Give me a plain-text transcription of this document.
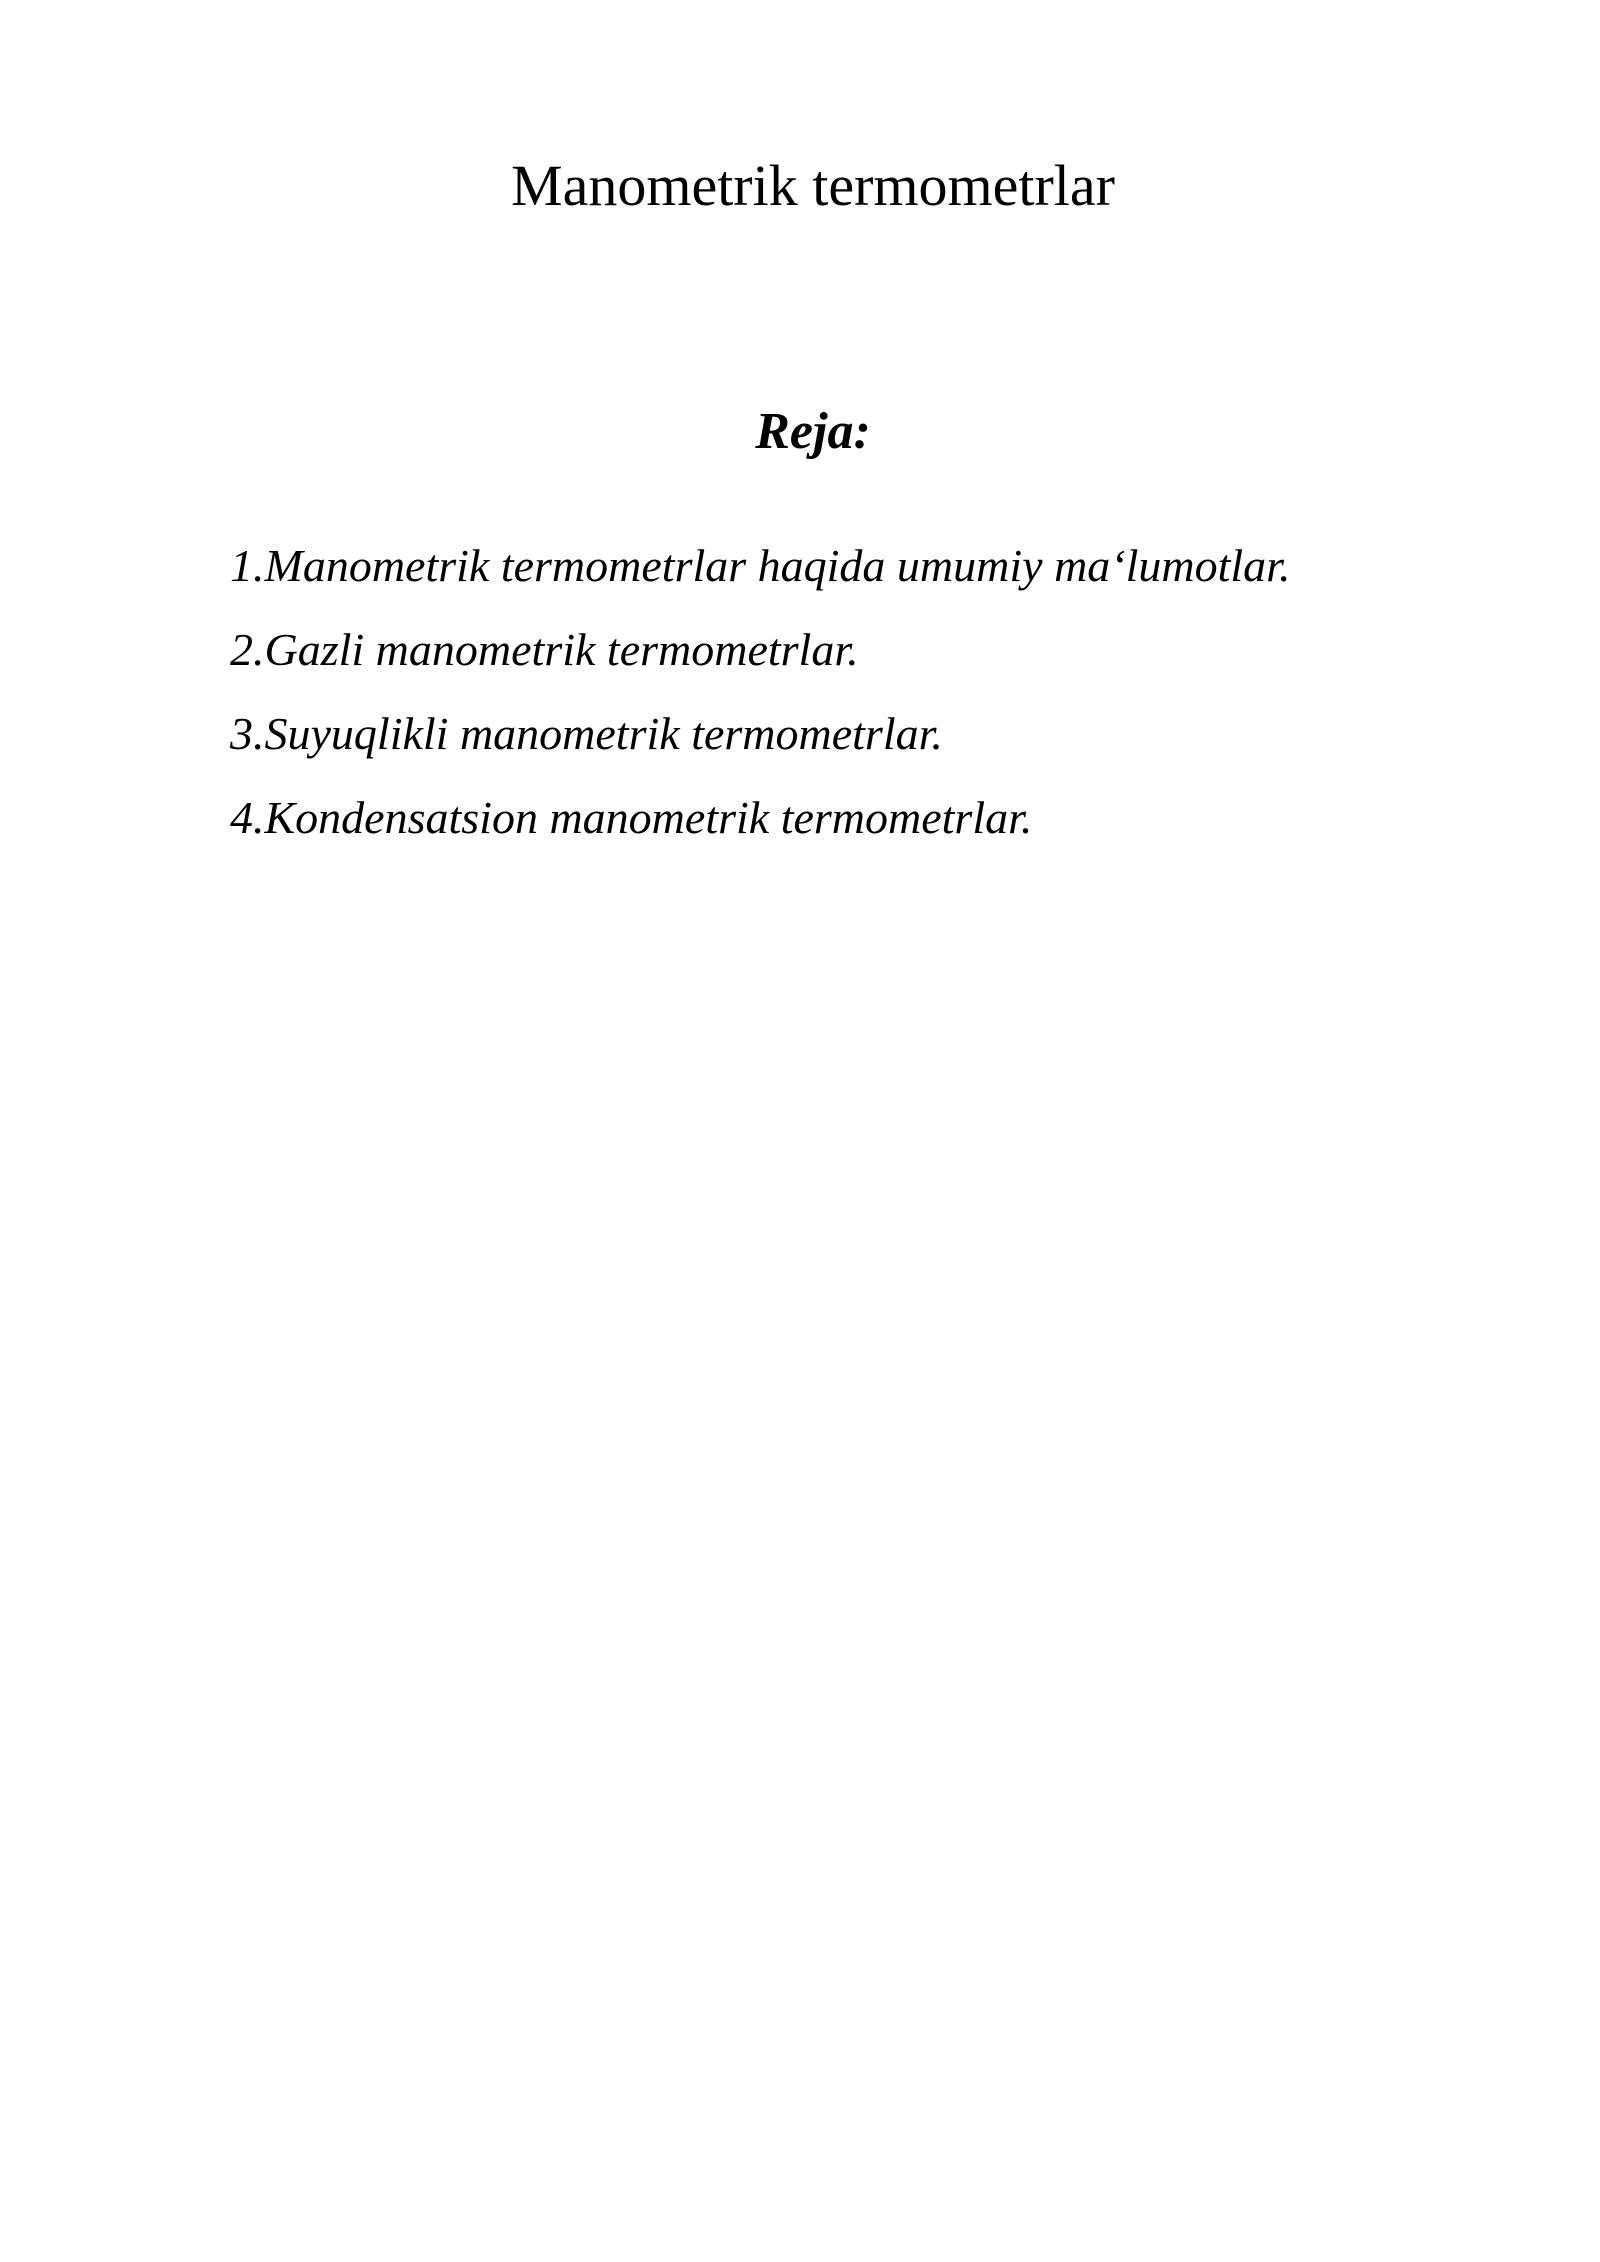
Manometrik termometrlar
Reja:
1.Manometrik termometrlar haqida umumiy ma‘lumotlar.
2.Gazli manometrik termometrlar.
3.Suyuqlikli manometrik termometrlar.
4.Kondensatsion manometrik termometrlar.
